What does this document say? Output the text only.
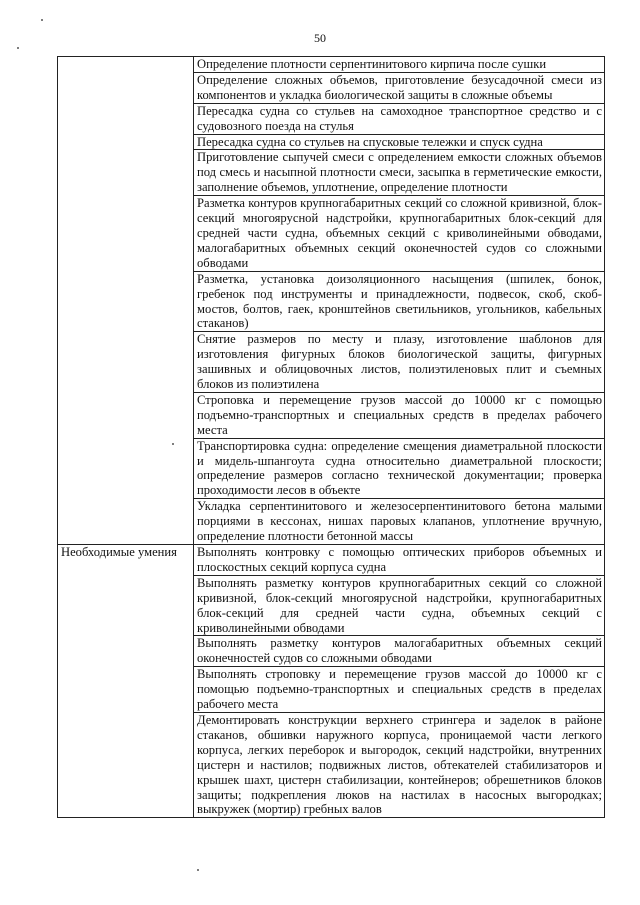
50
	Определение плотности серпентинитового кирпича после сушки
	Определение сложных объемов, приготовление безусадочной смеси из компонентов и укладка биологической защиты в сложные объемы
	Пересадка судна со стульев на самоходное транспортное средство и с судовозного поезда на стулья
	Пересадка судна со стульев на спусковые тележки и спуск судна
	Приготовление сыпучей смеси с определением емкости сложных объемов под смесь и насыпной плотности смеси, засыпка в герметические емкости, заполнение объемов, уплотнение, определение плотности
	Разметка контуров крупногабаритных секций со сложной кривизной, блок-секций многоярусной надстройки, крупногабаритных блок-секций для средней части судна, объемных секций с криволинейными обводами, малогабаритных объемных секций оконечностей судов со сложными обводами
	Разметка, установка доизоляционного насыщения (шпилек, бонок, гребенок под инструменты и принадлежности, подвесок, скоб, скоб-мостов, болтов, гаек, кронштейнов светильников, угольников, кабельных стаканов)
	Снятие размеров по месту и плазу, изготовление шаблонов для изготовления фигурных блоков биологической защиты, фигурных зашивных и облицовочных листов, полиэтиленовых плит и съемных блоков из полиэтилена
	Строповка и перемещение грузов массой до 10000 кг с помощью подъемно-транспортных и специальных средств в пределах рабочего места
	Транспортировка судна: определение смещения диаметральной плоскости и мидель-шпангоута судна относительно диаметральной плоскости; определение размеров согласно технической документации; проверка проходимости лесов в объекте
	Укладка серпентинитового и железосерпентинитового бетона малыми порциями в кессонах, нишах паровых клапанов, уплотнение вручную, определение плотности бетонной массы
Необходимые умения	Выполнять контровку с помощью оптических приборов объемных и плоскостных секций корпуса судна
	Выполнять разметку контуров крупногабаритных секций со сложной кривизной, блок-секций многоярусной надстройки, крупногабаритных блок-секций для средней части судна, объемных секций с криволинейными обводами
	Выполнять разметку контуров малогабаритных объемных секций оконечностей судов со сложными обводами
	Выполнять строповку и перемещение грузов массой до 10000 кг с помощью подъемно-транспортных и специальных средств в пределах рабочего места
	Демонтировать конструкции верхнего стрингера и заделок в районе стаканов, обшивки наружного корпуса, проницаемой части легкого корпуса, легких переборок и выгородок, секций надстройки, внутренних цистерн и настилов; подвижных листов, обтекателей стабилизаторов и крышек шахт, цистерн стабилизации, контейнеров; обрешетников блоков защиты; подкрепления люков на настилах в насосных выгородках; выкружек (мортир) гребных валов
